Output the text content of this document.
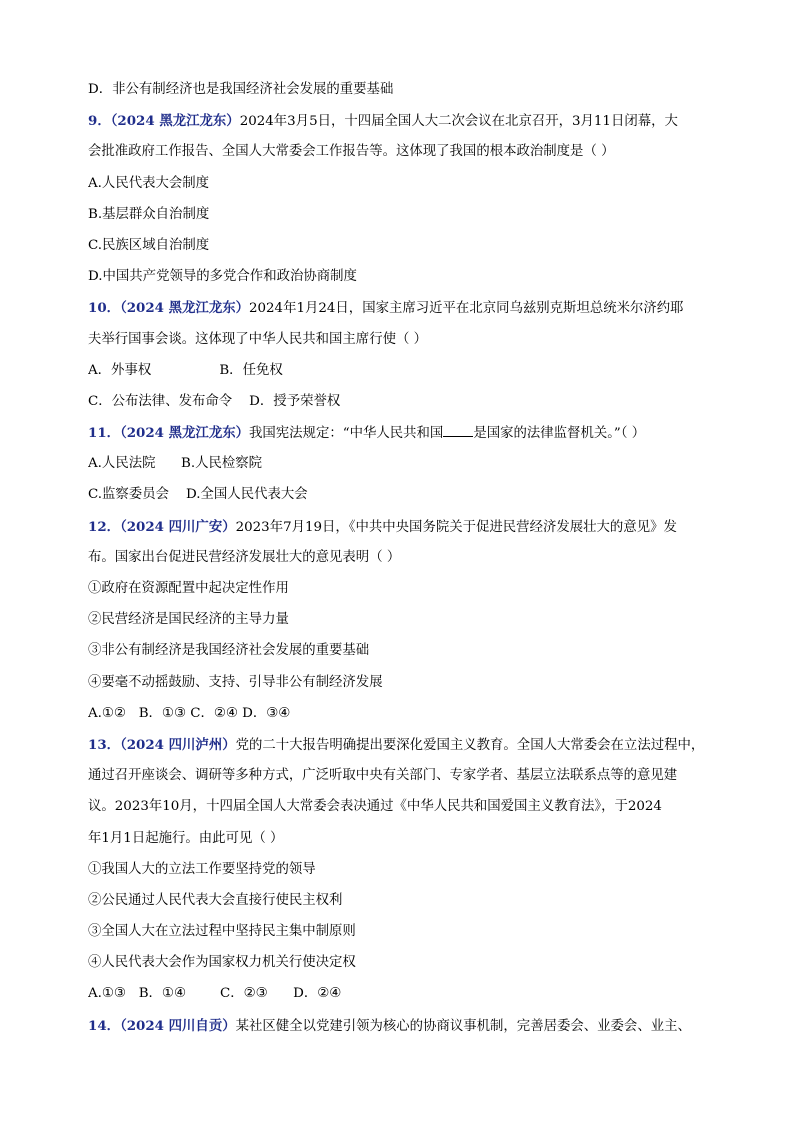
D．非公有制经济也是我国经济社会发展的重要基础
9．（2024 黑龙江龙东）2024年3月5日，十四届全国人大二次会议在北京召开，3月11日闭幕，大
会批准政府工作报告、全国人大常委会工作报告等。这体现了我国的根本政治制度是（ ）
A.人民代表大会制度
B.基层群众自治制度
C.民族区域自治制度
D.中国共产党领导的多党合作和政治协商制度
10．（2024 黑龙江龙东）2024年1月24日，国家主席习近平在北京同乌兹别克斯坦总统米尔济约耶
夫举行国事会谈。这体现了中华人民共和国主席行使（ ）
A．外事权                B．任免权
C．公布法律、发布命令    D．授予荣誉权
11．（2024 黑龙江龙东）我国宪法规定：“中华人民共和国 是国家的法律监督机关。”（ ）
A.人民法院      B.人民检察院
C.监察委员会    D.全国人民代表大会
12．（2024 四川广安）2023年7月19日，《中共中央国务院关于促进民营经济发展壮大的意见》发
布。国家出台促进民营经济发展壮大的意见表明（ ）
①政府在资源配置中起决定性作用
②民营经济是国民经济的主导力量
③非公有制经济是我国经济社会发展的重要基础
④要毫不动摇鼓励、支持、引导非公有制经济发展
A.①②   B．①③ C．②④ D．③④
13．（2024 四川泸州）党的二十大报告明确提出要深化爱国主义教育。全国人大常委会在立法过程中，
通过召开座谈会、调研等多种方式，广泛听取中央有关部门、专家学者、基层立法联系点等的意见建
议。2023年10月，十四届全国人大常委会表决通过《中华人民共和国爱国主义教育法》，于2024
年1月1日起施行。由此可见（ ）
①我国人大的立法工作要坚持党的领导
②公民通过人民代表大会直接行使民主权利
③全国人大在立法过程中坚持民主集中制原则
④人民代表大会作为国家权力机关行使决定权
A.①③   B．①④        C．②③      D．②④
14．（2024 四川自贡）某社区健全以党建引领为核心的协商议事机制，完善居委会、业委会、业主、
